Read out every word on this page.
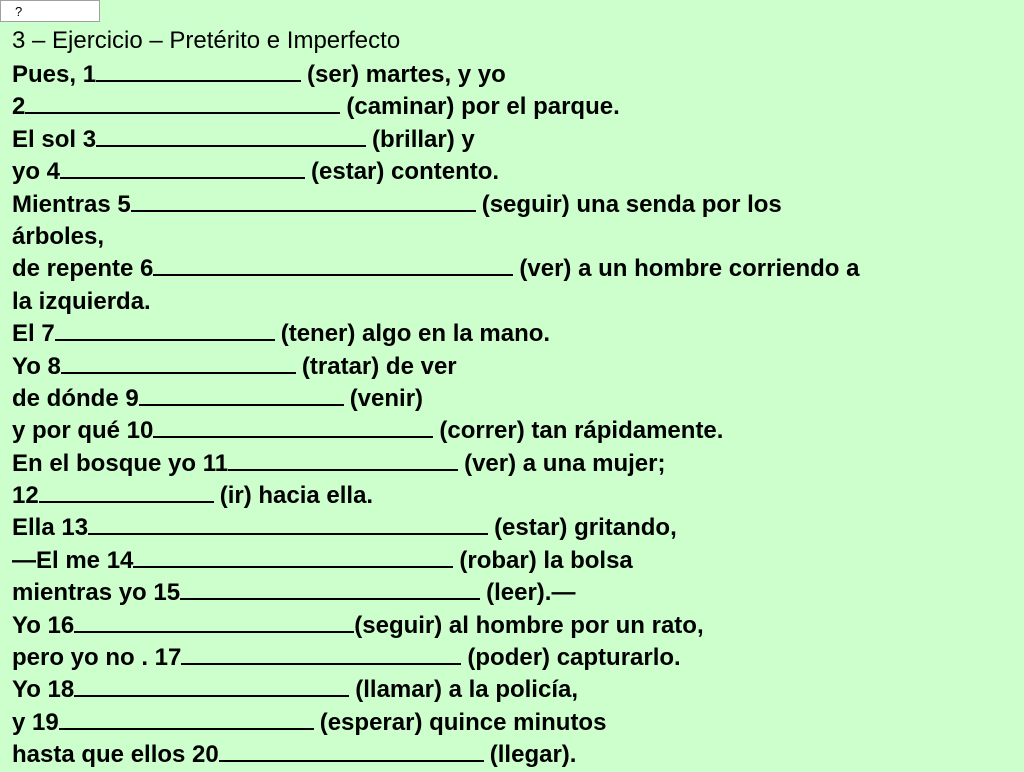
?
3 – Ejercicio – Pretérito e Imperfecto
Pues, 1	(ser) martes, y yo
2	(caminar) por el parque.
El sol 3	(brillar) y
yo 4	(estar) contento.
Mientras 5	(seguir) una senda por los
árboles,
de repente 6	(ver) a un hombre corriendo a
la izquierda.
El 7	(tener) algo en la mano.
Yo 8	(tratar) de ver
de dónde 9	(venir)
y por qué 10	(correr) tan rápidamente.
En el bosque yo 11	(ver) a una mujer;
12	(ir) hacia ella.
Ella 13	(estar) gritando,
—El me 14	(robar) la bolsa
mientras yo 15	(leer).—
Yo 16	(seguir) al hombre por un rato,
pero yo no . 17	(poder) capturarlo.
Yo 18	(llamar) a la policía,
y 19	(esperar) quince minutos
hasta que ellos 20	(llegar).
